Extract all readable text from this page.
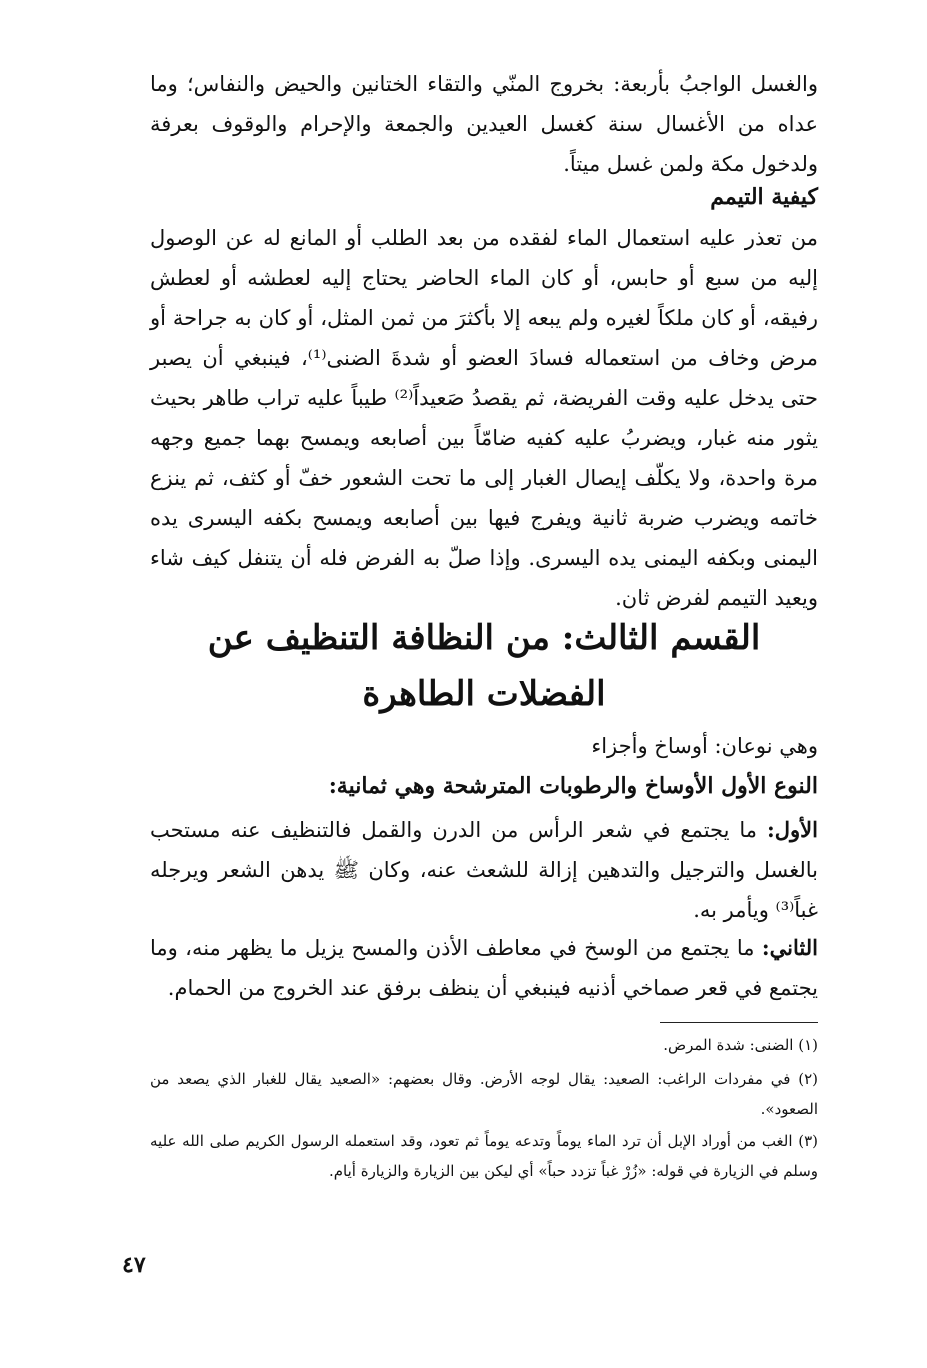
والغسل الواجبُ بأربعة: بخروج المنّي والتقاء الختانين والحيض والنفاس؛ وما عداه من الأغسال سنة كغسل العيدين والجمعة والإحرام والوقوف بعرفة ولدخول مكة ولمن غسل ميتاً.

كيفية التيمم

من تعذر عليه استعمال الماء لفقده من بعد الطلب أو المانع له عن الوصول إليه من سبع أو حابس، أو كان الماء الحاضر يحتاج إليه لعطشه أو لعطش رفيقه، أو كان ملكاً لغيره ولم يبعه إلا بأكثرَ من ثمن المثل، أو كان به جراحة أو مرض وخاف من استعماله فسادَ العضو أو شدةَ الضنى⁽¹⁾، فينبغي أن يصبر حتى يدخل عليه وقت الفريضة، ثم يقصدُ صَعيداً⁽²⁾ طيباً عليه تراب طاهر بحيث يثور منه غبار، ويضربُ عليه كفيه ضامّاً بين أصابعه ويمسح بهما جميع وجهه مرة واحدة، ولا يكلّف إيصال الغبار إلى ما تحت الشعور خفّ أو كثف، ثم ينزع خاتمه ويضرب ضربة ثانية ويفرج فيها بين أصابعه ويمسح بكفه اليسرى يده اليمنى وبكفه اليمنى يده اليسرى. وإذا صلّ به الفرض فله أن يتنفل كيف شاء ويعيد التيمم لفرض ثان.

القسم الثالث: من النظافة التنظيف عن الفضلات الطاهرة

وهي نوعان: أوساخ وأجزاء

النوع الأول الأوساخ والرطوبات المترشحة وهي ثمانية:

الأول: ما يجتمع في شعر الرأس من الدرن والقمل فالتنظيف عنه مستحب بالغسل والترجيل والتدهين إزالة للشعث عنه، وكان ﷺ يدهن الشعر ويرجله غباً⁽³⁾ ويأمر به.

الثاني: ما يجتمع من الوسخ في معاطف الأذن والمسح يزيل ما يظهر منه، وما يجتمع في قعر صماخي أذنيه فينبغي أن ينظف برفق عند الخروج من الحمام.

(١) الضنى: شدة المرض.

(٢) في مفردات الراغب: الصعيد: يقال لوجه الأرض. وقال بعضهم: «الصعيد يقال للغبار الذي يصعد من الصعود».

(٣) الغب من أوراد الإبل أن ترد الماء يوماً وتدعه يوماً ثم تعود، وقد استعمله الرسول الكريم صلى الله عليه وسلم في الزيارة في قوله: «زُرْ غباً تزدد حباً» أي ليكن بين الزيارة والزيارة أيام.

٤٧
